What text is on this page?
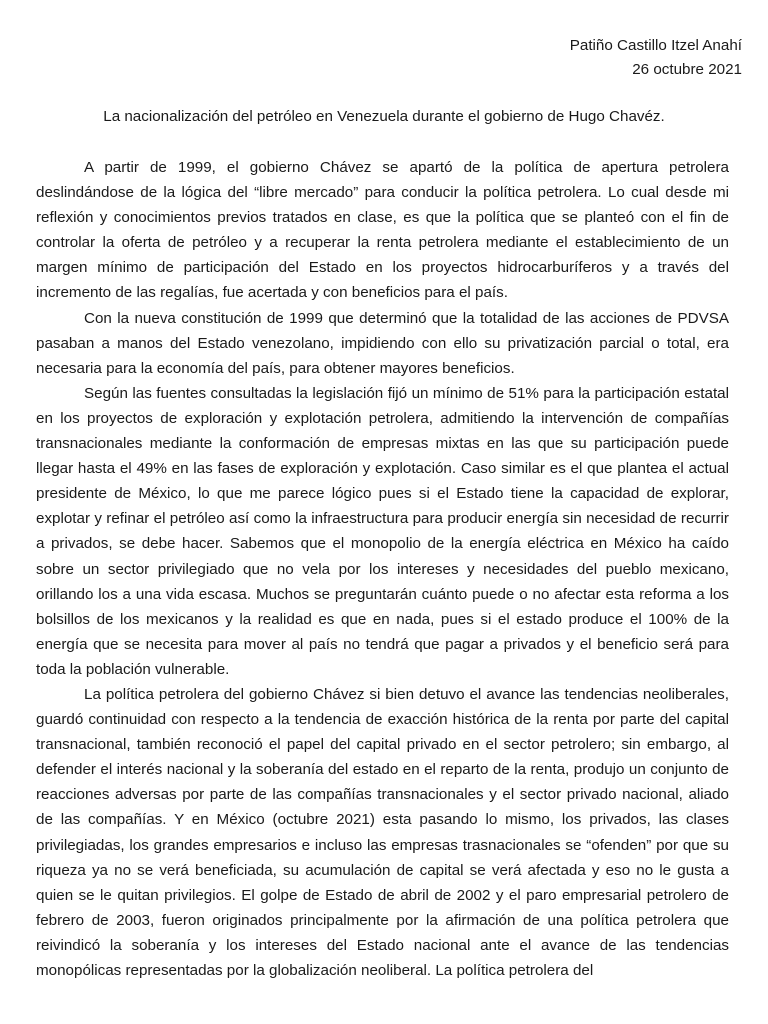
Patiño Castillo Itzel Anahí
26 octubre 2021
La nacionalización del petróleo en Venezuela durante el gobierno de Hugo Chavéz.

A partir de 1999, el gobierno Chávez se apartó de la política de apertura petrolera deslindándose de la lógica del “libre mercado” para conducir la política petrolera. Lo cual desde mi reflexión y conocimientos previos tratados en clase, es que la política que se planteó con el fin de controlar la oferta de petróleo y a recuperar la renta petrolera mediante el establecimiento de un margen mínimo de participación del Estado en los proyectos hidrocarburíferos y a través del incremento de las regalías, fue acertada y con beneficios para el país.

Con la nueva constitución de 1999 que determinó que la totalidad de las acciones de PDVSA pasaban a manos del Estado venezolano, impidiendo con ello su privatización parcial o total, era necesaria para la economía del país, para obtener mayores beneficios.

Según las fuentes consultadas la legislación fijó un mínimo de 51% para la participación estatal en los proyectos de exploración y explotación petrolera, admitiendo la intervención de compañías transnacionales mediante la conformación de empresas mixtas en las que su participación puede llegar hasta el 49% en las fases de exploración y explotación. Caso similar es el que plantea el actual presidente de México, lo que me parece lógico pues si el Estado tiene la capacidad de explorar, explotar y refinar el petróleo así como la infraestructura para producir energía sin necesidad de recurrir a privados, se debe hacer. Sabemos que el monopolio de la energía eléctrica en México ha caído sobre un sector privilegiado que no vela por los intereses y necesidades del pueblo mexicano, orillando los a una vida escasa. Muchos se preguntarán cuánto puede o no afectar esta reforma a los bolsillos de los mexicanos y la realidad es que en nada, pues si el estado produce el 100% de la energía que se necesita para mover al país no tendrá que pagar a privados y el beneficio será para toda la población vulnerable.

La política petrolera del gobierno Chávez si bien detuvo el avance las tendencias neoliberales, guardó continuidad con respecto a la tendencia de exacción histórica de la renta por parte del capital transnacional, también reconoció el papel del capital privado en el sector petrolero; sin embargo, al defender el interés nacional y la soberanía del estado en el reparto de la renta, produjo un conjunto de reacciones adversas por parte de las compañías transnacionales y el sector privado nacional, aliado de las compañías. Y en México (octubre 2021) esta pasando lo mismo, los privados, las clases privilegiadas, los grandes empresarios e incluso las empresas trasnacionales se “ofenden” por que su riqueza ya no se verá beneficiada, su acumulación de capital se verá afectada y eso no le gusta a quien se le quitan privilegios. El golpe de Estado de abril de 2002 y el paro empresarial petrolero de febrero de 2003, fueron originados principalmente por la afirmación de una política petrolera que reivindicó la soberanía y los intereses del Estado nacional ante el avance de las tendencias monopólicas representadas por la globalización neoliberal. La política petrolera del
